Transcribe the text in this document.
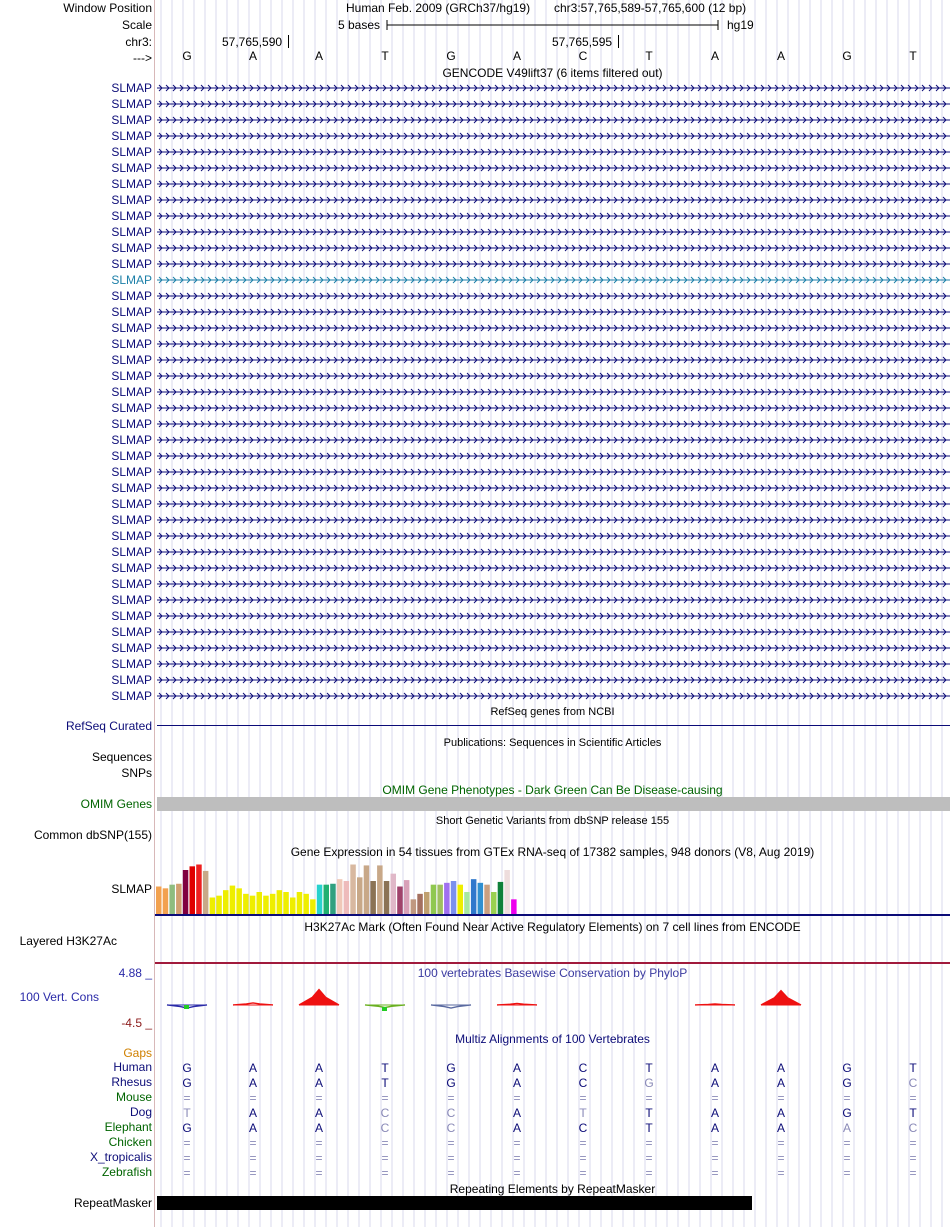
Window Position	Human Feb. 2009 (GRCh37/hg19) chr3:57,765,589-57,765,600 (12 bp)
Scale	5 bases	hg19
chr3:	57,765,590	57,765,595
--->	G	A	A	T	G	A	C	T	A	A	G	T
GENCODE V49lift37 (6 items filtered out)
SLMAP
SLMAP
SLMAP
SLMAP
SLMAP
SLMAP
SLMAP
SLMAP
SLMAP
SLMAP
SLMAP
SLMAP
SLMAP
SLMAP
SLMAP
SLMAP
SLMAP
SLMAP
SLMAP
SLMAP
SLMAP
SLMAP
SLMAP
SLMAP
SLMAP
SLMAP
SLMAP
SLMAP
SLMAP
SLMAP
SLMAP
SLMAP
SLMAP
SLMAP
SLMAP
SLMAP
SLMAP
SLMAP
SLMAP
RefSeq genes from NCBI
RefSeq Curated
Publications: Sequences in Scientific Articles
Sequences
SNPs
OMIM Gene Phenotypes - Dark Green Can Be Disease-causing
OMIM Genes
Short Genetic Variants from dbSNP release 155
Common dbSNP(155)
Gene Expression in 54 tissues from GTEx RNA-seq of 17382 samples, 948 donors (V8, Aug 2019)
SLMAP
H3K27Ac Mark (Often Found Near Active Regulatory Elements) on 7 cell lines from ENCODE
Layered H3K27Ac
100 vertebrates Basewise Conservation by PhyloP
4.88 _
100 Vert. Cons
-4.5 _
Multiz Alignments of 100 Vertebrates
Gaps
Human	G	A	A	T	G	A	C	T	A	A	G	T
Rhesus	G	A	A	T	G	A	C	G	A	A	G	C
Mouse	=	=	=	=	=	=	=	=	=	=	=	=
Dog	T	A	A	C	C	A	T	T	A	A	G	T
Elephant	G	A	A	C	C	A	C	T	A	A	A	C
Chicken	=	=	=	=	=	=	=	=	=	=	=	=
X_tropicalis	=	=	=	=	=	=	=	=	=	=	=	=
Zebrafish	=	=	=	=	=	=	=	=	=	=	=	=
Repeating Elements by RepeatMasker
RepeatMasker
